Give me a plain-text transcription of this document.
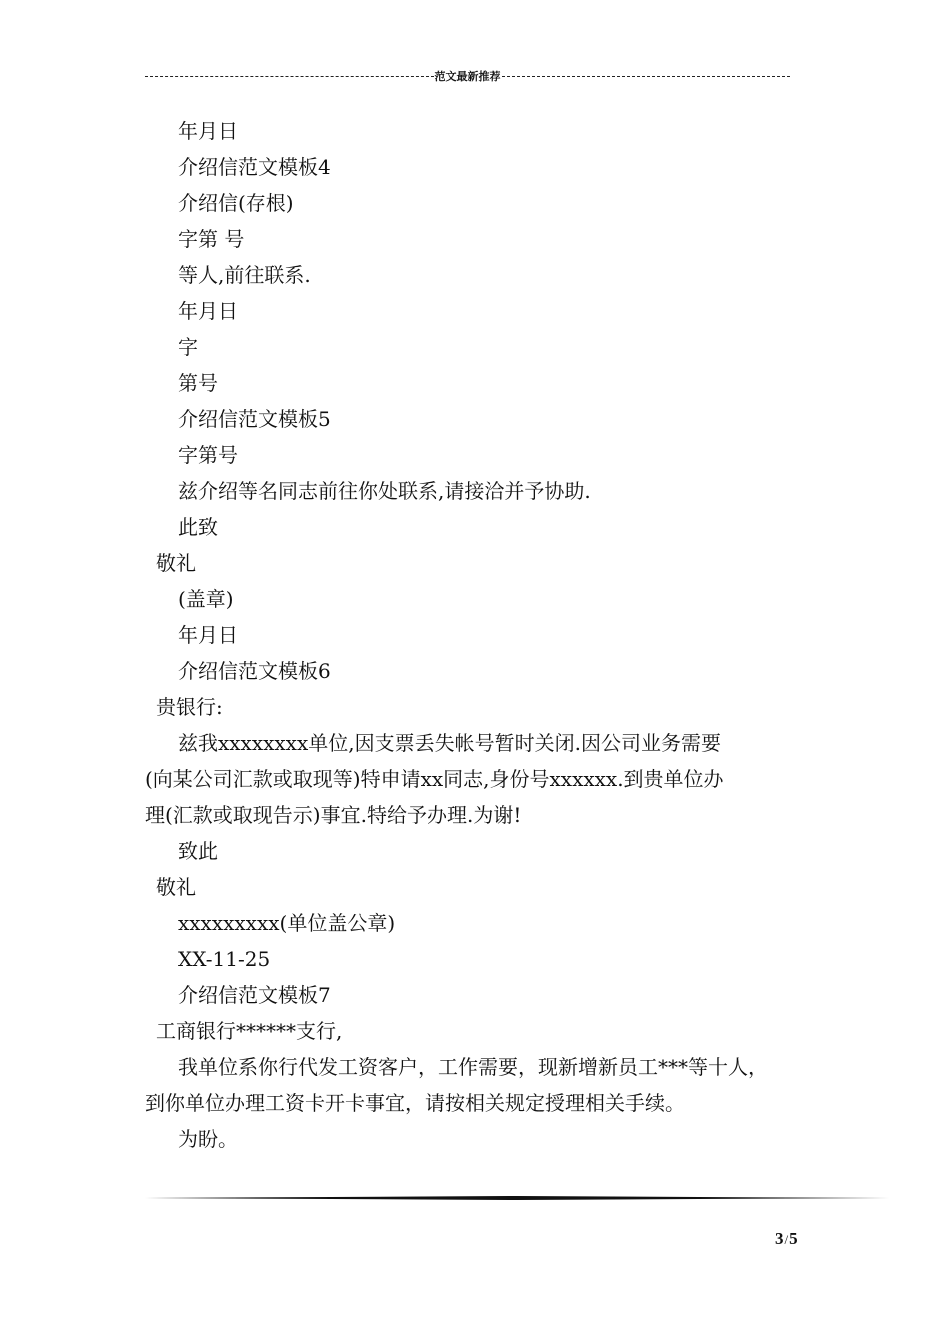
范文最新推荐
年月日
介绍信范文模板4
介绍信(存根)
字第 号
等人,前往联系.
年月日
字
第号
介绍信范文模板5
字第号
兹介绍等名同志前往你处联系,请接洽并予协助.
此致
敬礼
(盖章)
年月日
介绍信范文模板6
贵银行:
兹我xxxxxxxx单位,因支票丢失帐号暂时关闭.因公司业务需要
(向某公司汇款或取现等)特申请xx同志,身份号xxxxxx.到贵单位办
理(汇款或取现告示)事宜.特给予办理.为谢!
致此
敬礼
xxxxxxxxx(单位盖公章)
XX-11-25
介绍信范文模板7
工商银行******支行,
我单位系你行代发工资客户，工作需要，现新增新员工***等十人，
到你单位办理工资卡开卡事宜，请按相关规定授理相关手续。
为盼。
3/5
